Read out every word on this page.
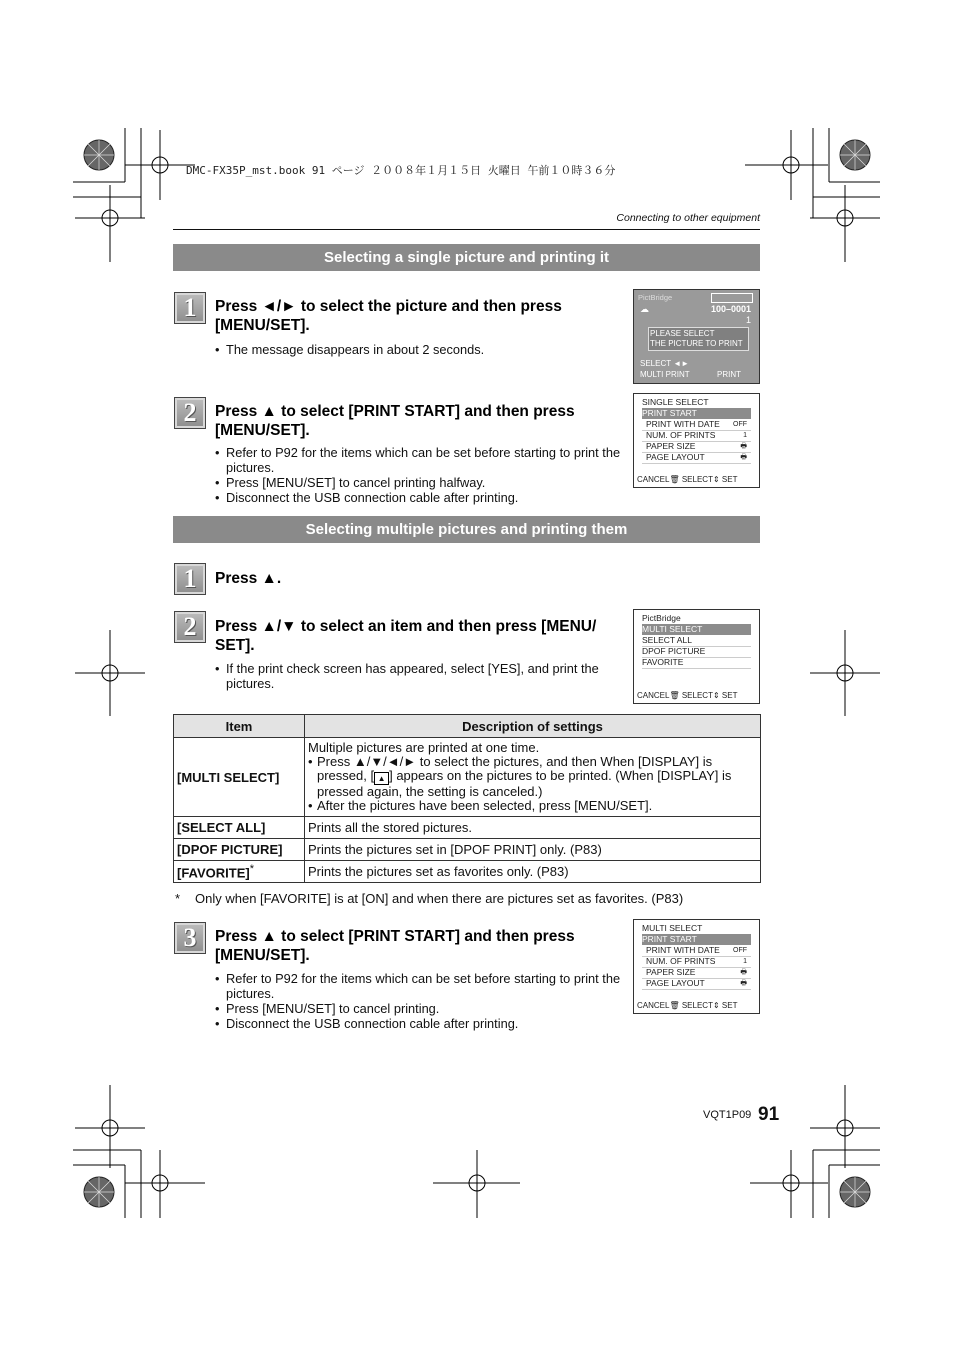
DMC-FX35P_mst.book 91 ページ ２００８年１月１５日 火曜日 午前１０時３６分
Connecting to other equipment
Selecting a single picture and printing it
1	Press ◄/► to select the picture and then press [MENU/SET].
• The message disappears in about 2 seconds.
PictBridge
☁	100–0001
1
PLEASE SELECT
THE PICTURE TO PRINT
SELECT ◄►
MULTI PRINT	PRINT
2	Press ▲ to select [PRINT START] and then press [MENU/SET].
• Refer to P92 for the items which can be set before starting to print the pictures.
• Press [MENU/SET] to cancel printing halfway.
• Disconnect the USB connection cable after printing.
SINGLE SELECT
PRINT START
PRINT WITH DATE OFF
NUM. OF PRINTS	1
PAPER SIZE	🖶
PAGE LAYOUT	🖶
CANCEL🗑 SELECT⇕ SET
Selecting multiple pictures and printing them
1	Press ▲.
2	Press ▲/▼ to select an item and then press [MENU/ SET].
• If the print check screen has appeared, select [YES], and print the pictures.
PictBridge
MULTI SELECT
SELECT ALL
DPOF PICTURE
FAVORITE
CANCEL🗑 SELECT⇕ SET
Item	Description of settings
[MULTI SELECT]	Multiple pictures are printed at one time.
• Press ▲/▼/◄/► to select the pictures, and then When [DISPLAY] is pressed, [ ▲ ] appears on the pictures to be printed. (When [DISPLAY] is pressed again, the setting is canceled.)
• After the pictures have been selected, press [MENU/SET].

[SELECT ALL]	Prints all the stored pictures.
[DPOF PICTURE]	Prints the pictures set in [DPOF PRINT] only. (P83)
[FAVORITE]*	Prints the pictures set as favorites only. (P83)
* Only when [FAVORITE] is at [ON] and when there are pictures set as favorites. (P83)
3	Press ▲ to select [PRINT START] and then press [MENU/SET].
• Refer to P92 for the items which can be set before starting to print the pictures.
• Press [MENU/SET] to cancel printing.
• Disconnect the USB connection cable after printing.
MULTI SELECT
PRINT START
PRINT WITH DATE OFF
NUM. OF PRINTS	1
PAPER SIZE	🖶
PAGE LAYOUT	🖶
CANCEL🗑 SELECT⇕ SET
VQT1P09 91
